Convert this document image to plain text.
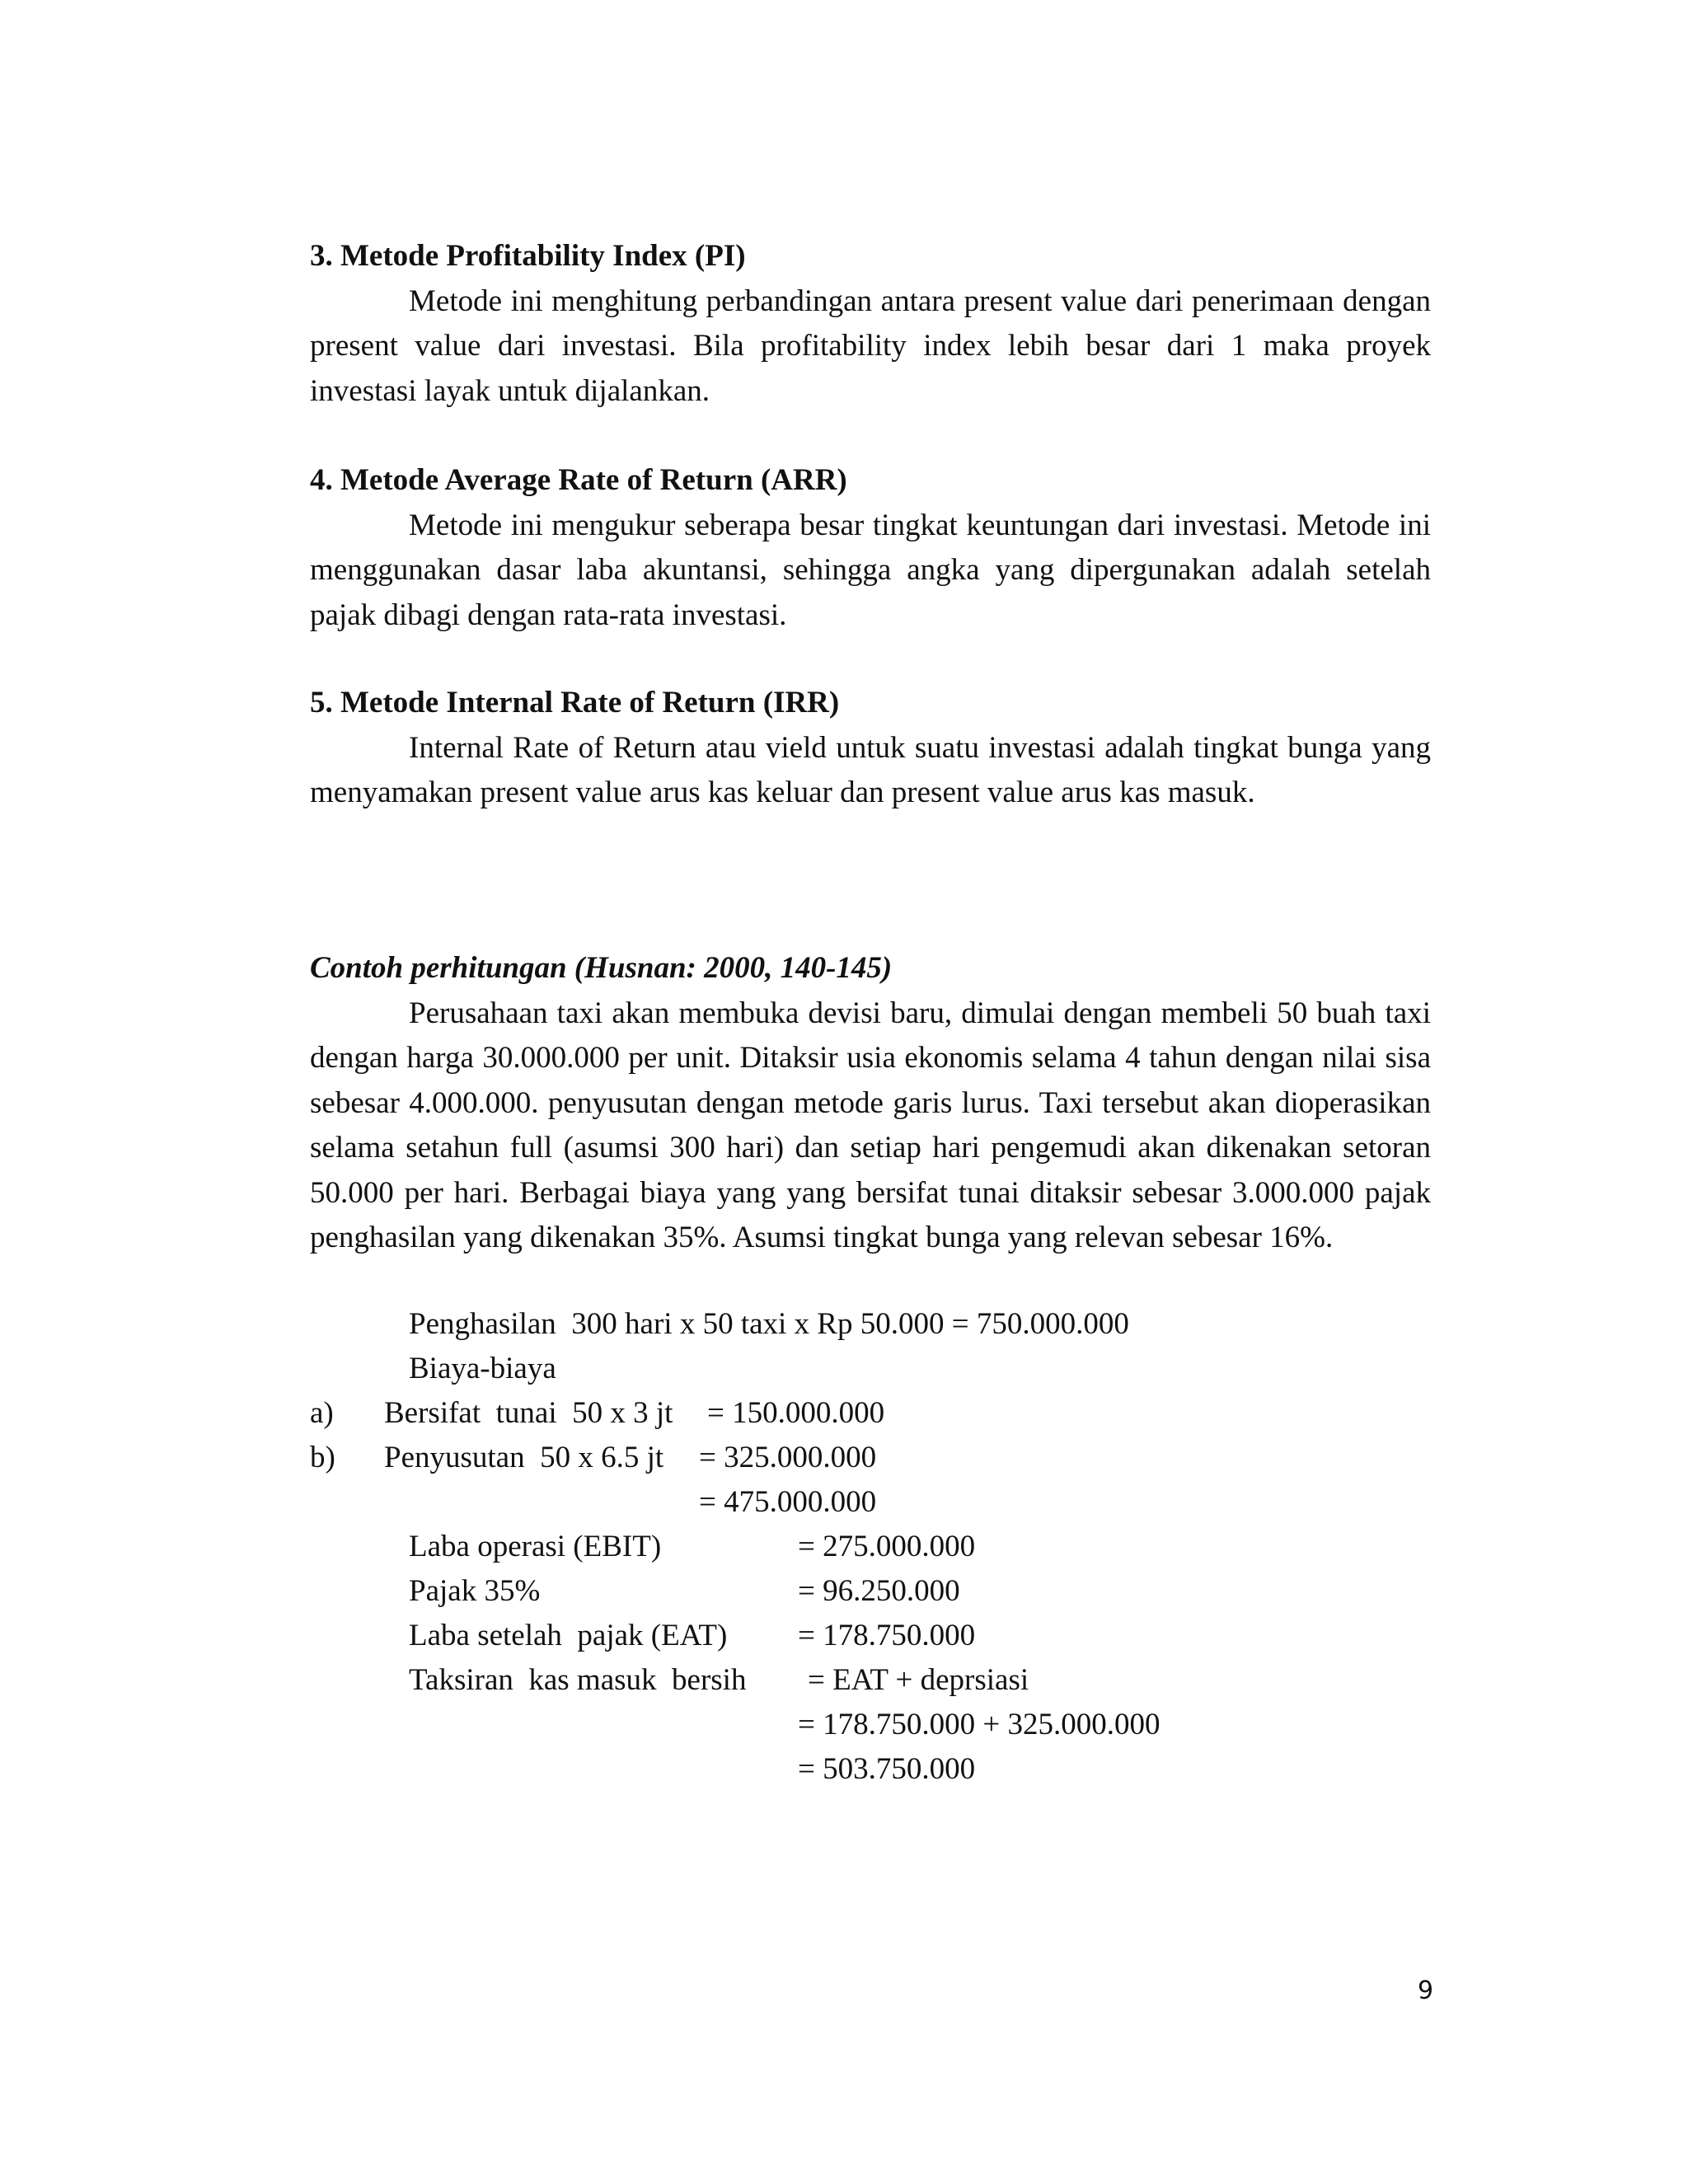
3. Metode Profitability Index (PI)

Metode ini menghitung perbandingan antara present value dari penerimaan dengan present value dari investasi. Bila profitability index lebih besar dari 1 maka proyek investasi layak untuk dijalankan.

4. Metode Average Rate of Return (ARR)

Metode ini mengukur seberapa besar tingkat keuntungan dari investasi. Metode ini menggunakan dasar laba akuntansi, sehingga angka yang dipergunakan adalah setelah pajak dibagi dengan rata-rata investasi.

5. Metode Internal Rate of Return (IRR)

Internal Rate of Return atau vield untuk suatu investasi adalah tingkat bunga yang menyamakan present value arus kas keluar dan present value arus kas masuk.

Contoh perhitungan (Husnan: 2000, 140-145)

Perusahaan taxi akan membuka devisi baru, dimulai dengan membeli 50 buah taxi dengan harga 30.000.000 per unit. Ditaksir usia ekonomis selama 4 tahun dengan nilai sisa sebesar 4.000.000. penyusutan dengan metode garis lurus. Taxi tersebut akan dioperasikan selama setahun full (asumsi 300 hari) dan setiap hari pengemudi akan dikenakan setoran 50.000 per hari. Berbagai biaya yang yang bersifat tunai ditaksir sebesar 3.000.000 pajak penghasilan yang dikenakan 35%. Asumsi tingkat bunga yang relevan sebesar 16%.

Penghasilan  300 hari x 50 taxi x Rp 50.000 = 750.000.000
Biaya-biaya
a) Bersifat  tunai  50 x 3 jt = 150.000.000
b) Penyusutan  50 x 6.5 jt = 325.000.000
= 475.000.000
Laba operasi (EBIT)	= 275.000.000
Pajak 35%	= 96.250.000
Laba setelah  pajak (EAT) = 178.750.000
Taksiran  kas masuk  bersih = EAT + deprsiasi
= 178.750.000 + 325.000.000
= 503.750.000
9
